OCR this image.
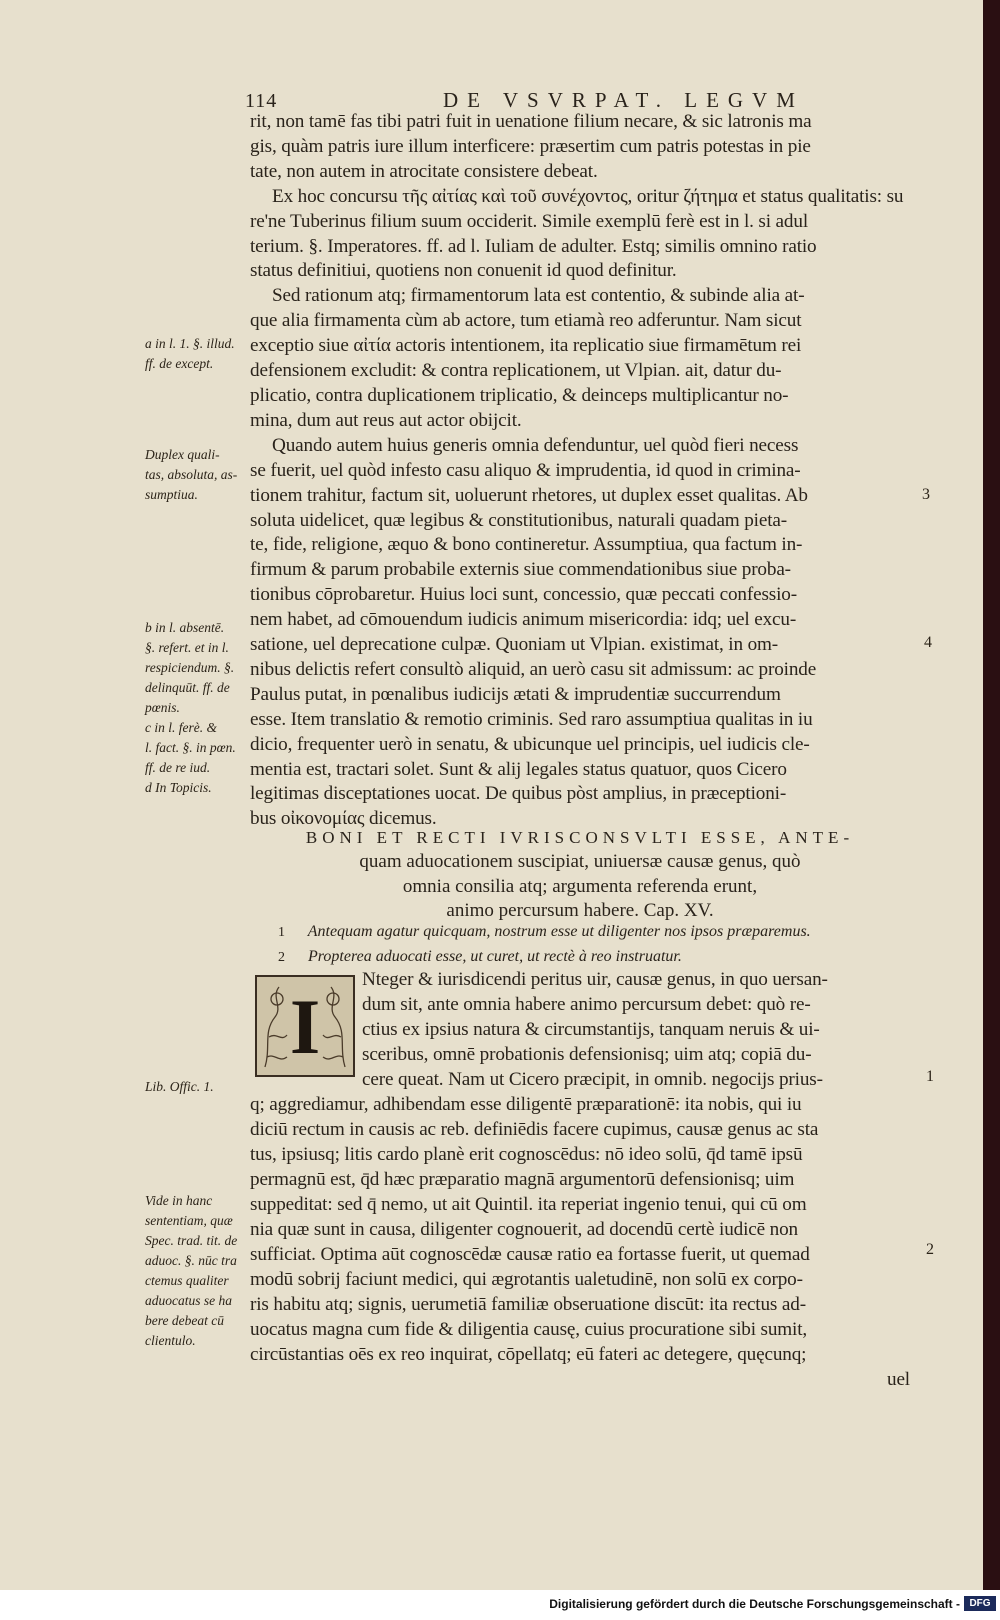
114	DE VSVRPAT. LEGVM

rit, non tamē fas tibi patri fuit in uenatione filium necare, & sic latronis ma

gis, quàm patris iure illum interficere: præsertim cum patris potestas in pie

tate, non autem in atrocitate consistere debeat.

Ex hoc concursu τῆς αἰτίας καὶ τοῦ συνέχοντος, oritur ζήτημα et status qualitatis: su

re'ne Tuberinus filium suum occiderit. Simile exemplū ferè est in l. si adul

terium. §. Imperatores. ff. ad l. Iuliam de adulter. Estq; similis omnino ratio

status definitiui, quotiens non conuenit id quod definitur.

Sed rationum atq; firmamentorum lata est contentio, & subinde alia at-

que alia firmamenta cùm ab actore, tum etiamà reo adferuntur. Nam sicut

exceptio siue αἰτία actoris intentionem, ita replicatio siue firmamētum rei

defensionem excludit: & contra replicationem, ut Vlpian. ait, datur du-

plicatio, contra duplicationem triplicatio, & deinceps multiplicantur no-

mina, dum aut reus aut actor obijcit.

Quando autem huius generis omnia defenduntur, uel quòd fieri necess

se fuerit, uel quòd infesto casu aliquo & imprudentia, id quod in crimina-

tionem trahitur, factum sit, uoluerunt rhetores, ut duplex esset qualitas. Ab

soluta uidelicet, quæ legibus & constitutionibus, naturali quadam pieta-

te, fide, religione, æquo & bono contineretur. Assumptiua, qua factum in-

firmum & parum probabile externis siue commendationibus siue proba-

tionibus cōprobaretur. Huius loci sunt, concessio, quæ peccati confessio-

nem habet, ad cōmouendum iudicis animum misericordia: idq; uel excu-

satione, uel deprecatione culpæ. Quoniam ut Vlpian. existimat, in om-

nibus delictis refert consultò aliquid, an uerò casu sit admissum: ac proinde

Paulus putat, in pœnalibus iudicijs ætati & imprudentiæ succurrendum

esse. Item translatio & remotio criminis. Sed raro assumptiua qualitas in iu

dicio, frequenter uerò in senatu, & ubicunque uel principis, uel iudicis cle-

mentia est, tractari solet. Sunt & alij legales status quatuor, quos Cicero

legitimas disceptationes uocat. De quibus pòst amplius, in præceptioni-

bus οἰκονομίας dicemus.

BONI ET RECTI IVRISCONSVLTI ESSE, ANTE-
quam aduocationem suscipiat, uniuersæ causæ genus, quò
omnia consilia atq; argumenta referenda erunt,
animo percursum habere. Cap. XV.
1 Antequam agatur quicquam, nostrum esse ut diligenter nos ipsos præparemus.
2 Propterea aduocati esse, ut curet, ut rectè à reo instruatur.
I
Nteger & iurisdicendi peritus uir, causæ genus, in quo uersan-
dum sit, ante omnia habere animo percursum debet: quò re-
ctius ex ipsius natura & circumstantijs, tanquam neruis & ui-
sceribus, omnē probationis defensionisq; uim atq; copiā du-
cere queat. Nam ut Cicero præcipit, in omnib. negocijs prius-
q; aggrediamur, adhibendam esse diligentē præparationē: ita nobis, qui iu
diciū rectum in causis ac reb. definiēdis facere cupimus, causæ genus ac sta
tus, ipsiusq; litis cardo planè erit cognoscēdus: nō ideo solū, q̄d tamē ipsū
permagnū est, q̄d hæc præparatio magnā argumentorū defensionisq; uim
suppeditat: sed q̄ nemo, ut ait Quintil. ita reperiat ingenio tenui, qui cū om
nia quæ sunt in causa, diligenter cognouerit, ad docendū certè iudicē non
sufficiat. Optima aūt cognoscēdæ causæ ratio ea fortasse fuerit, ut quemad
modū sobrij faciunt medici, qui ægrotantis ualetudinē, non solū ex corpo-
ris habitu atq; signis, uerumetiā familiæ obseruatione discūt: ita rectus ad-
uocatus magna cum fide & diligentia causę, cuius procuratione sibi sumit,
circūstantias oēs ex reo inquirat, cōpellatq; eū fateri ac detegere, quęcunq;
uel
a in l. 1. §. illud.
ff. de except.
Duplex quali-
tas, absoluta, as-
sumptiua.
b in l. absentē.
§. refert. et in l.
respiciendum. §.
delinquūt. ff. de
pœnis.
c in l. ferè. &
l. fact. §. in pœn.
ff. de re iud.
d In Topicis.
Lib. Offic. 1.
Vide in hanc
sententiam, quæ
Spec. trad. tit. de
aduoc. §. nūc tra
ctemus qualiter
aduocatus se ha
bere debeat cū
clientulo.
3
4
1
2
Digitalisierung gefördert durch die Deutsche Forschungsgemeinschaft - DFG
